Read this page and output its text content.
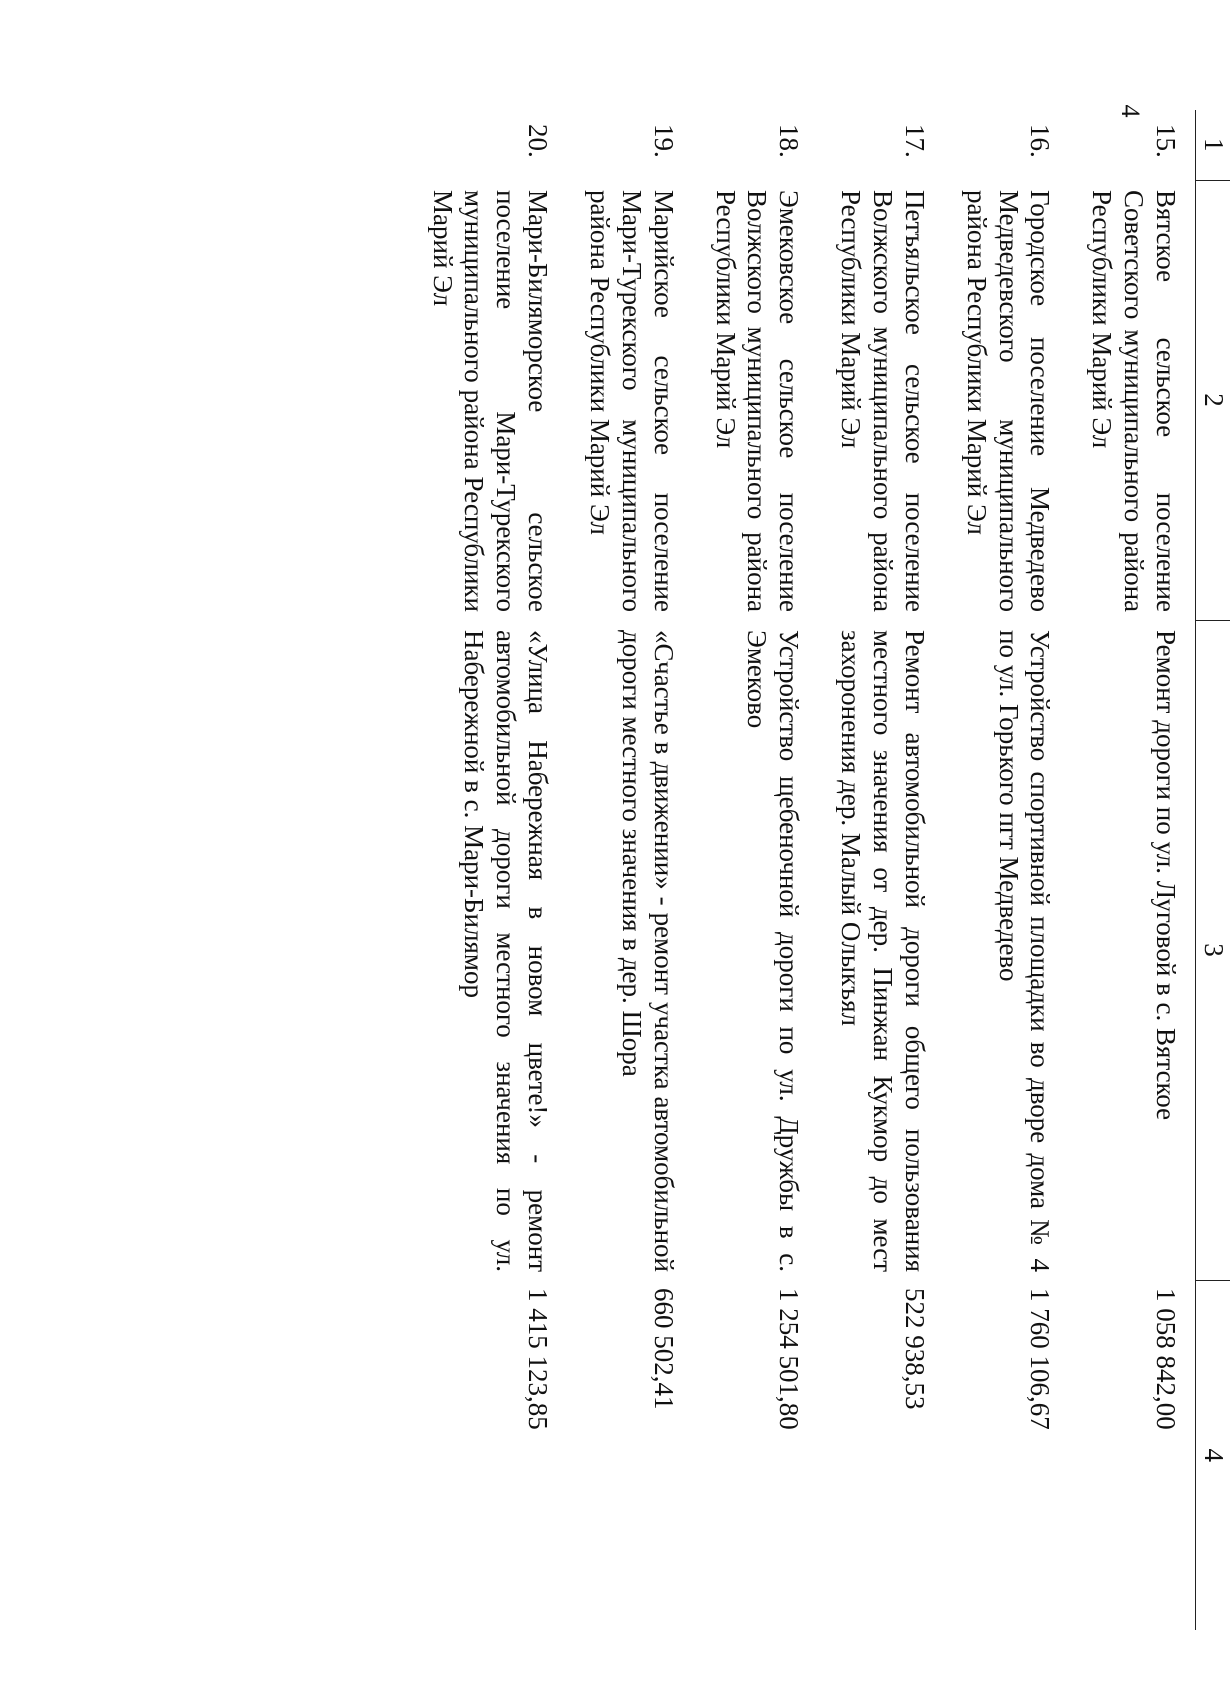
4
1	2	3	4
15.	Вятское сельское поселение Советского муниципального района Республики Марий Эл	Ремонт дороги по ул. Луговой в с. Вятское	1 058 842,00
16.	Городское поселение Медведево Медведевского муниципального района Республики Марий Эл	Устройство спортивной площадки во дворе дома № 4 по ул. Горького пгт Медведево	1 760 106,67
17.	Петъяльское сельское поселение Волжского муниципального района Республики Марий Эл	Ремонт автомобильной дороги общего пользования местного значения от дер. Пинжан Кукмор до мест захоронения дер. Малый Олыкъял	522 938,53
18.	Эмековское сельское поселение Волжского муниципального района Республики Марий Эл	Устройство щебеночной дороги по ул. Дружбы в с. Эмеково	1 254 501,80
19.	Марийское сельское поселение Мари-Турекского муниципального района Республики Марий Эл	«Счастье в движении» - ремонт участка автомобильной дороги местного значения в дер. Шора	660 502,41
20.	Мари-Биляморское сельское поселение Мари-Турекского муниципального района Республики Марий Эл	«Улица Набережная в новом цвете!» - ремонт автомобильной дороги местного значения по ул. Набережной в с. Мари-Билямор	1 415 123,85
